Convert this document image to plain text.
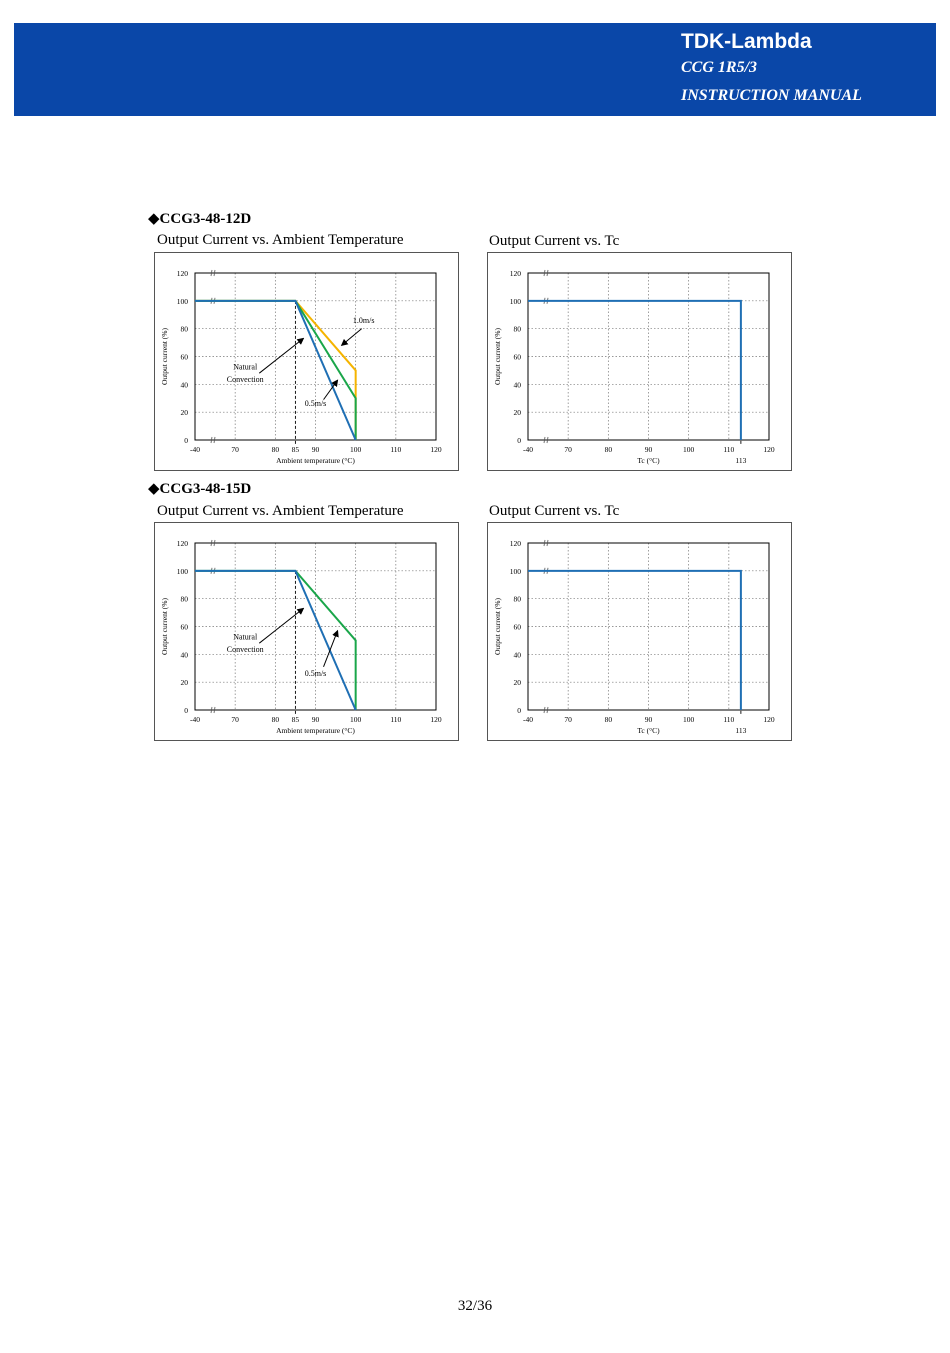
TDK-Lambda
CCG 1R5/3
INSTRUCTION MANUAL
◆CCG3-48-12D
Output Current vs. Ambient Temperature	Output Current vs. Tc
0
20
40
60
80
100
120
-40	70	80 85 90	100	110	120
Ambient temperature (°C)
Output current (%)
1.0m/s
Natural
Convection
0.5m/s
0
20
40
60
80
100
120
-40	70	80	90	100	110	120
113
Tc (°C)
Output current (%)
◆CCG3-48-15D
Output Current vs. Ambient Temperature	Output Current vs. Tc
0
20
40
60
80
100
120
-40	70	80 85 90	100	110	120
Ambient temperature (°C)
Output current (%)	Natural
Convection
0.5m/s
0
20
40
60
80
100
120
-40	70	80	90	100	110	120
113
Tc (°C)
Output current (%)
32/36
